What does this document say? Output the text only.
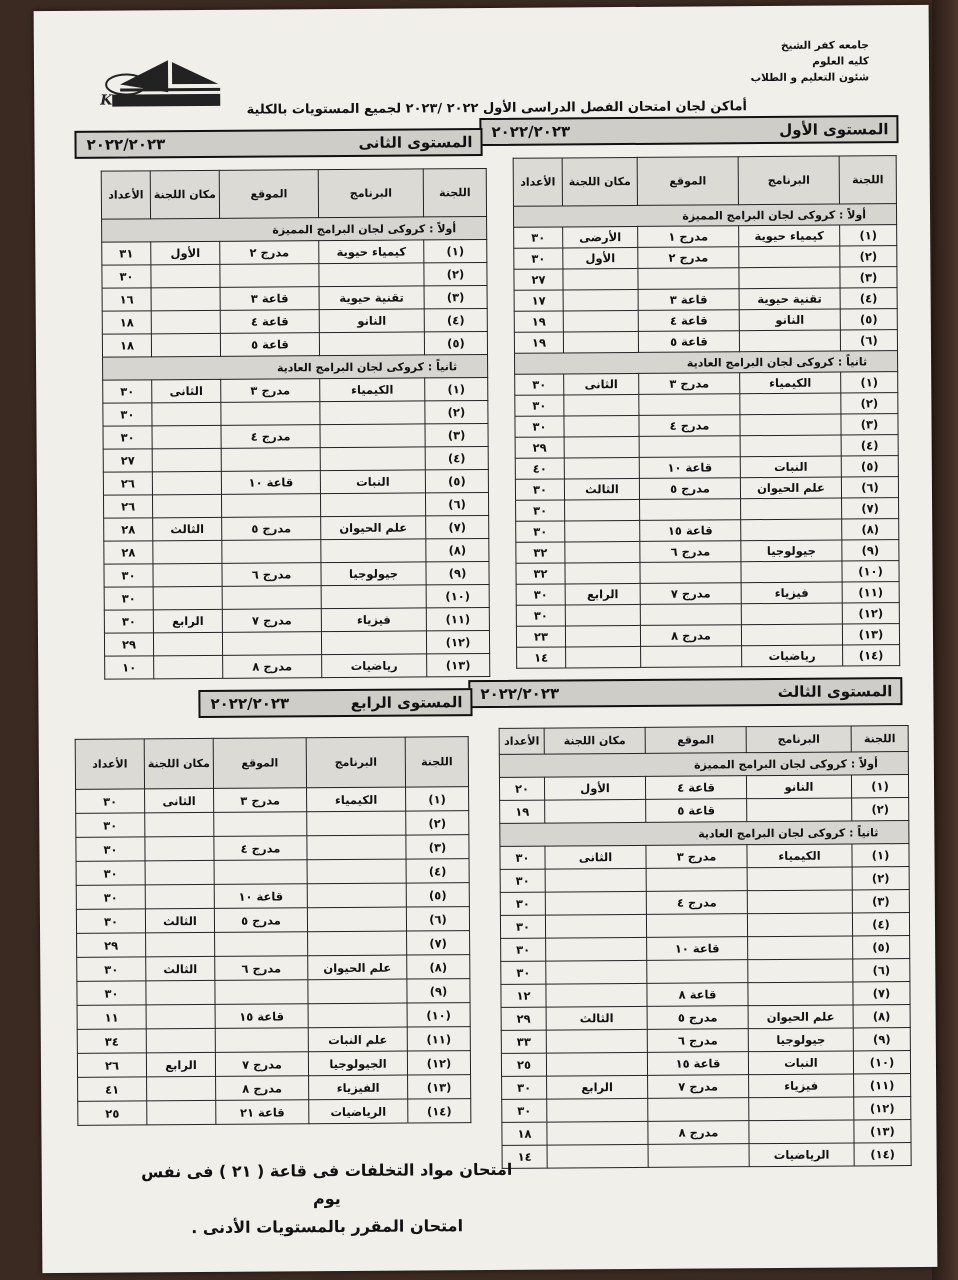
جامعه كفر الشيخ
كليه العلوم
شئون التعليم و الطلاب
K
أماكن لجان امتحان الفصل الدراسى الأول ٢٠٢٢ /٢٠٢٣ لجميع المستويات بالكلية
المستوى الأول
٢٠٢٢/٢٠٢٣
اللجنة	البرنامج	الموقع	مكان اللجنة	الأعداد
أولاً : كروكى لجان البرامج المميزة				
(١)	كيمياء حيوية	مدرج ١	الأرضى	٣٠
(٢)		مدرج ٢	الأول	٣٠
(٣)				٢٧
(٤)	تقنية حيوية	قاعة ٣		١٧
(٥)	النانو	قاعة ٤		١٩
(٦)		قاعة ٥		١٩
ثانياً : كروكى لجان البرامج العادية				
(١)	الكيمياء	مدرج ٣	الثانى	٣٠
(٢)				٣٠
(٣)		مدرج ٤		٣٠
(٤)				٢٩
(٥)	النبات	قاعة ١٠		٤٠
(٦)	علم الحيوان	مدرج ٥	الثالث	٣٠
(٧)				٣٠
(٨)		قاعة ١٥		٣٠
(٩)	جيولوجيا	مدرج ٦		٣٢
(١٠)				٣٢
(١١)	فيزياء	مدرج ٧	الرابع	٣٠
(١٢)				٣٠
(١٣)		مدرج ٨		٢٣
(١٤)	رياضيات			١٤
المستوى الثانى
٢٠٢٢/٢٠٢٣
اللجنة	البرنامج	الموقع	مكان اللجنة	الأعداد
أولاً : كروكى لجان البرامج المميزة				
(١)	كيمياء حيوية	مدرج ٢	الأول	٣١
(٢)				٣٠
(٣)	تقنية حيوية	قاعة ٣		١٦
(٤)	النانو	قاعة ٤		١٨
(٥)		قاعة ٥		١٨
ثانياً : كروكى لجان البرامج العادية				
(١)	الكيمياء	مدرج ٣	الثانى	٣٠
(٢)				٣٠
(٣)		مدرج ٤		٣٠
(٤)				٢٧
(٥)	النبات	قاعة ١٠		٢٦
(٦)				٢٦
(٧)	علم الحيوان	مدرج ٥	الثالث	٢٨
(٨)				٢٨
(٩)	جيولوجيا	مدرج ٦		٣٠
(١٠)				٣٠
(١١)	فيزياء	مدرج ٧	الرابع	٣٠
(١٢)				٢٩
(١٣)	رياضيات	مدرج ٨		١٠
المستوى الثالث
٢٠٢٢/٢٠٢٣
اللجنة	البرنامج	الموقع	مكان اللجنة	الأعداد
أولاً : كروكى لجان البرامج المميزة				
(١)	النانو	قاعة ٤	الأول	٢٠
(٢)		قاعة ٥		١٩
ثانياً : كروكى لجان البرامج العادية				
(١)	الكيمياء	مدرج ٣	الثانى	٣٠
(٢)				٣٠
(٣)		مدرج ٤		٣٠
(٤)				٣٠
(٥)		قاعة ١٠		٣٠
(٦)				٣٠
(٧)		قاعة ٨		١٢
(٨)	علم الحيوان	مدرج ٥	الثالث	٢٩
(٩)	جيولوجيا	مدرج ٦		٣٣
(١٠)	النبات	قاعة ١٥		٢٥
(١١)	فيزياء	مدرج ٧	الرابع	٣٠
(١٢)				٣٠
(١٣)		مدرج ٨		١٨
(١٤)	الرياضيات			١٤
المستوى الرابع
٢٠٢٢/٢٠٢٣
اللجنة	البرنامج	الموقع	مكان اللجنة	الأعداد
(١)	الكيمياء	مدرج ٣	الثانى	٣٠
(٢)				٣٠
(٣)		مدرج ٤		٣٠
(٤)				٣٠
(٥)		قاعة ١٠		٣٠
(٦)		مدرج ٥	الثالث	٣٠
(٧)				٢٩
(٨)	علم الحيوان	مدرج ٦	الثالث	٣٠
(٩)				٣٠
(١٠)		قاعة ١٥		١١
(١١)	علم النبات			٣٤
(١٢)	الجيولوجيا	مدرج ٧	الرابع	٢٦
(١٣)	الفيزياء	مدرج ٨		٤١
(١٤)	الرياضيات	قاعة ٢١		٢٥
امتحان مواد التخلفات فى قاعة ( ٢١ ) فى نفس يوم
امتحان المقرر بالمستويات الأدنى .
